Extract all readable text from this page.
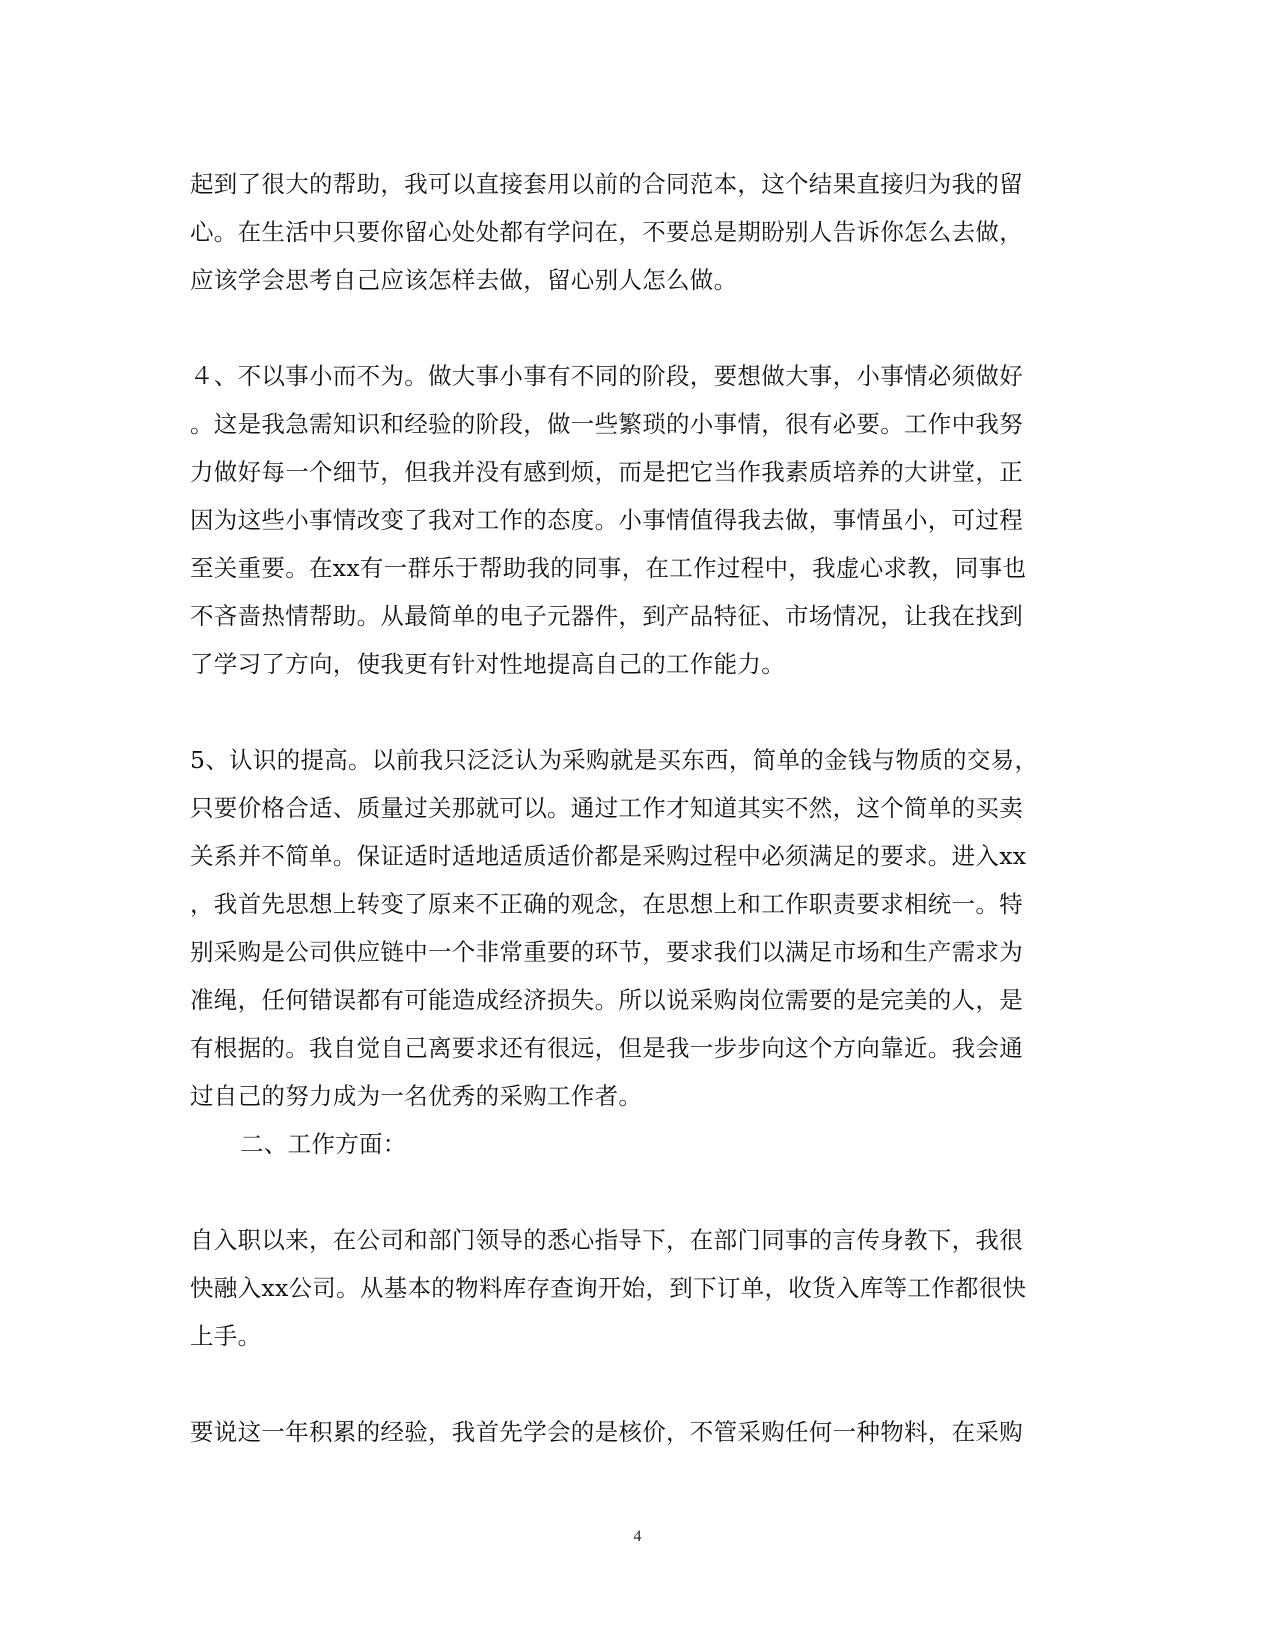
起到了很大的帮助，我可以直接套用以前的合同范本，这个结果直接归为我的留
心。在生活中只要你留心处处都有学问在，不要总是期盼别人告诉你怎么去做，
应该学会思考自己应该怎样去做，留心别人怎么做。
４、不以事小而不为。做大事小事有不同的阶段，要想做大事，小事情必须做好
。这是我急需知识和经验的阶段，做一些繁琐的小事情，很有必要。工作中我努
力做好每一个细节，但我并没有感到烦，而是把它当作我素质培养的大讲堂，正
因为这些小事情改变了我对工作的态度。小事情值得我去做，事情虽小，可过程
至关重要。在xx有一群乐于帮助我的同事，在工作过程中，我虚心求教，同事也
不吝啬热情帮助。从最简单的电子元器件，到产品特征、市场情况，让我在找到
了学习了方向，使我更有针对性地提高自己的工作能力。
5、认识的提高。以前我只泛泛认为采购就是买东西，简单的金钱与物质的交易，
只要价格合适、质量过关那就可以。通过工作才知道其实不然，这个简单的买卖
关系并不简单。保证适时适地适质适价都是采购过程中必须满足的要求。进入xx
，我首先思想上转变了原来不正确的观念，在思想上和工作职责要求相统一。特
别采购是公司供应链中一个非常重要的环节，要求我们以满足市场和生产需求为
准绳，任何错误都有可能造成经济损失。所以说采购岗位需要的是完美的人，是
有根据的。我自觉自己离要求还有很远，但是我一步步向这个方向靠近。我会通
过自己的努力成为一名优秀的采购工作者。
二、工作方面：
自入职以来，在公司和部门领导的悉心指导下，在部门同事的言传身教下，我很
快融入xx公司。从基本的物料库存查询开始，到下订单，收货入库等工作都很快
上手。
要说这一年积累的经验，我首先学会的是核价，不管采购任何一种物料，在采购
4
